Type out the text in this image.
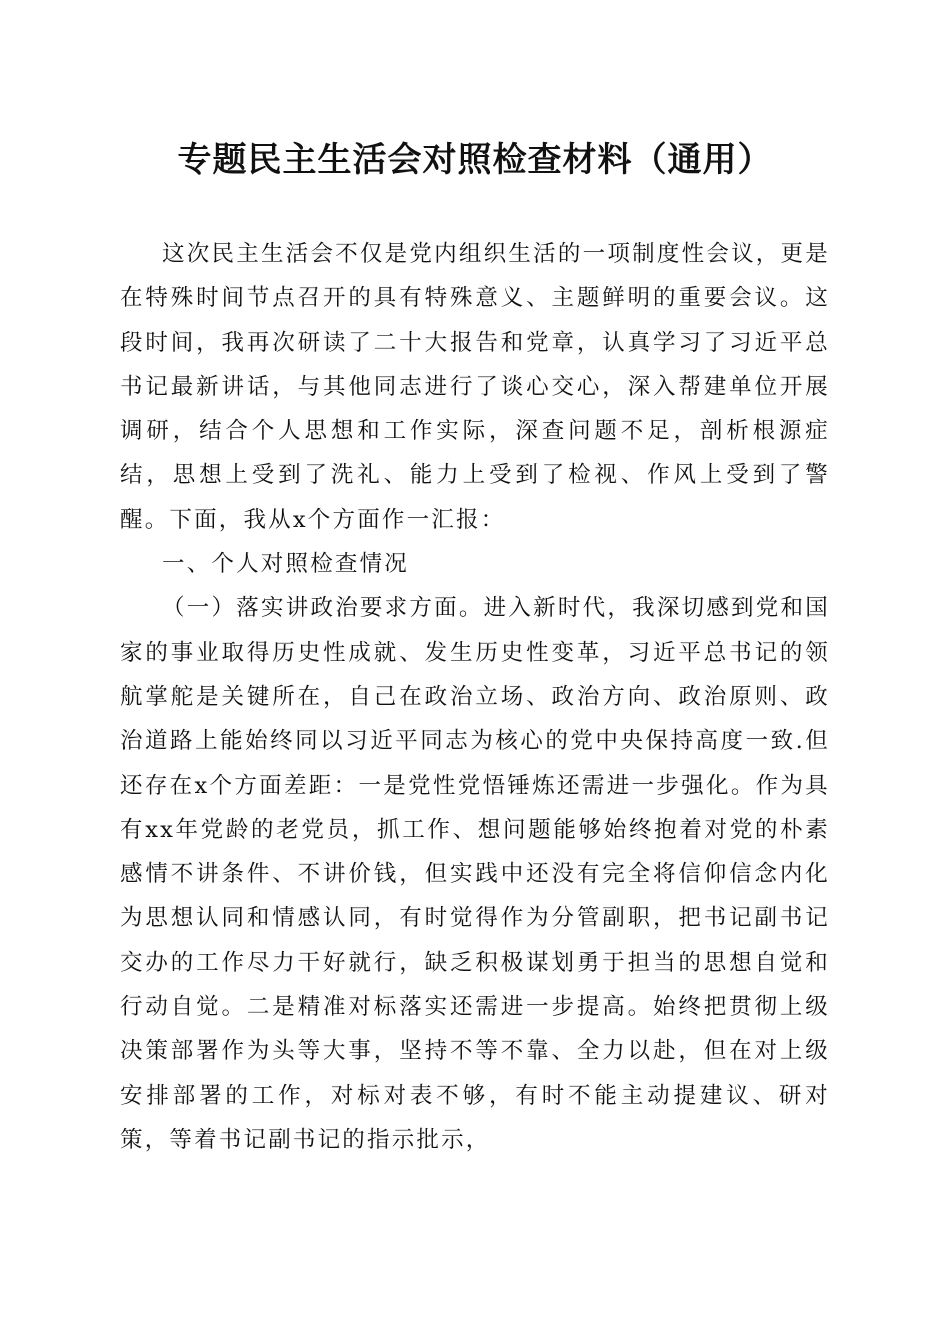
专题民主生活会对照检查材料（通用）

这次民主生活会不仅是党内组织生活的一项制度性会议，更是在特殊时间节点召开的具有特殊意义、主题鲜明的重要会议。这段时间，我再次研读了二十大报告和党章，认真学习了习近平总书记最新讲话，与其他同志进行了谈心交心，深入帮建单位开展调研，结合个人思想和工作实际，深查问题不足，剖析根源症结，思想上受到了洗礼、能力上受到了检视、作风上受到了警醒。下面，我从x个方面作一汇报：

一、个人对照检查情况

（一）落实讲政治要求方面。进入新时代，我深切感到党和国家的事业取得历史性成就、发生历史性变革，习近平总书记的领航掌舵是关键所在，自己在政治立场、政治方向、政治原则、政治道路上能始终同以习近平同志为核心的党中央保持高度一致.但还存在x个方面差距：一是党性党悟锤炼还需进一步强化。作为具有xx年党龄的老党员，抓工作、想问题能够始终抱着对党的朴素感情不讲条件、不讲价钱，但实践中还没有完全将信仰信念内化为思想认同和情感认同，有时觉得作为分管副职，把书记副书记交办的工作尽力干好就行，缺乏积极谋划勇于担当的思想自觉和行动自觉。二是精准对标落实还需进一步提高。始终把贯彻上级决策部署作为头等大事，坚持不等不靠、全力以赴，但在对上级安排部署的工作，对标对表不够，有时不能主动提建议、研对策，等着书记副书记的指示批示，
